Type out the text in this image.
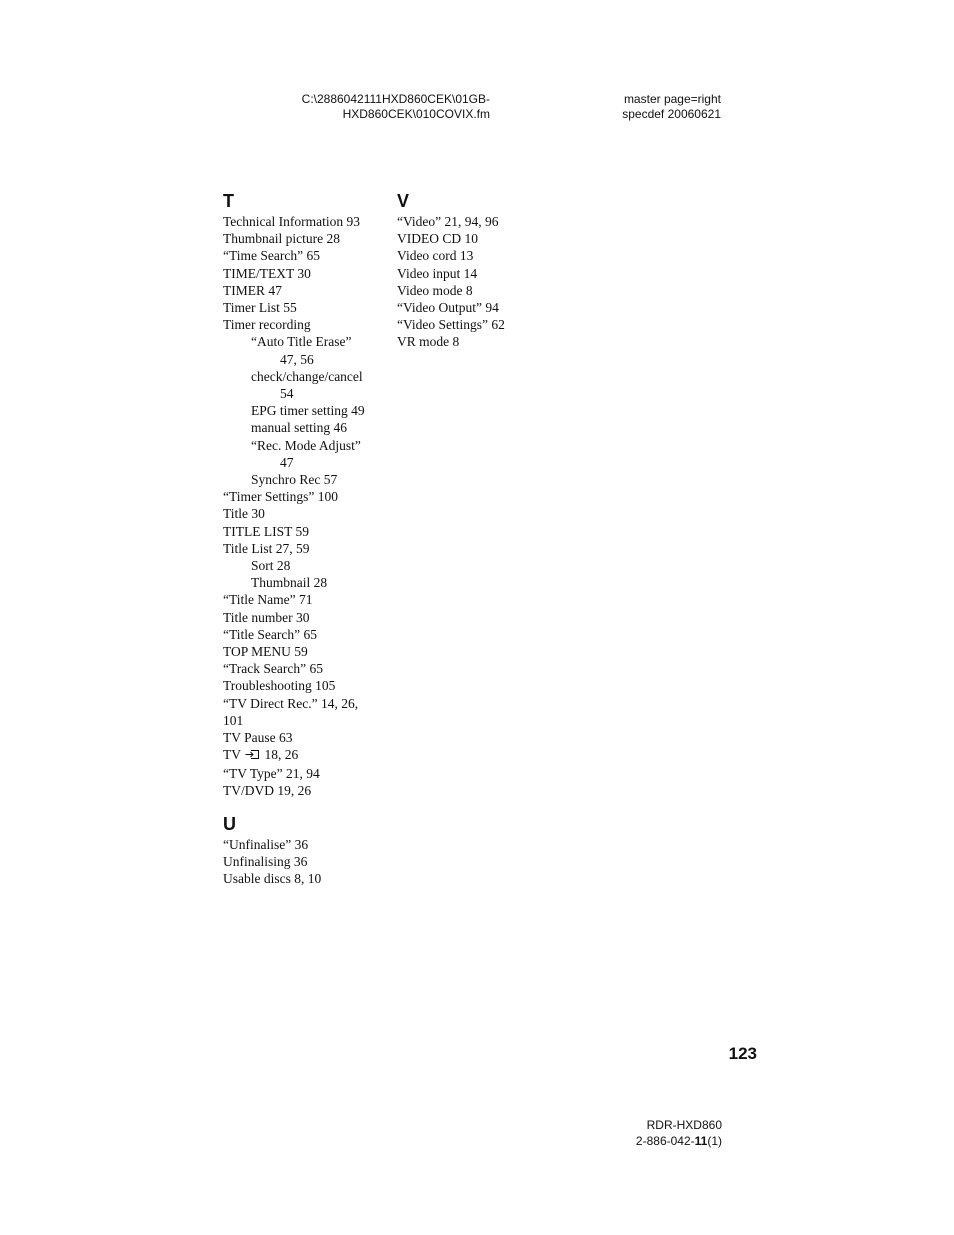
C:\2886042111HXD860CEK\01GB-
HXD860CEK\010COVIX.fm
master page=right
specdef 20060621
T
Technical Information 93
Thumbnail picture 28
“Time Search” 65
TIME/TEXT 30
TIMER 47
Timer List 55
Timer recording
“Auto Title Erase”
47, 56
check/change/cancel
54
EPG timer setting 49
manual setting 46
“Rec. Mode Adjust”
47
Synchro Rec 57
“Timer Settings” 100
Title 30
TITLE LIST 59
Title List 27, 59
Sort 28
Thumbnail 28
“Title Name” 71
Title number 30
“Title Search” 65
TOP MENU 59
“Track Search” 65
Troubleshooting 105
“TV Direct Rec.” 14, 26,
101
TV Pause 63
TV 18, 26
“TV Type” 21, 94
TV/DVD 19, 26
U
“Unfinalise” 36
Unfinalising 36
Usable discs 8, 10
V
“Video” 21, 94, 96
VIDEO CD 10
Video cord 13
Video input 14
Video mode 8
“Video Output” 94
“Video Settings” 62
VR mode 8
123
RDR-HXD860
2-886-042-11(1)
